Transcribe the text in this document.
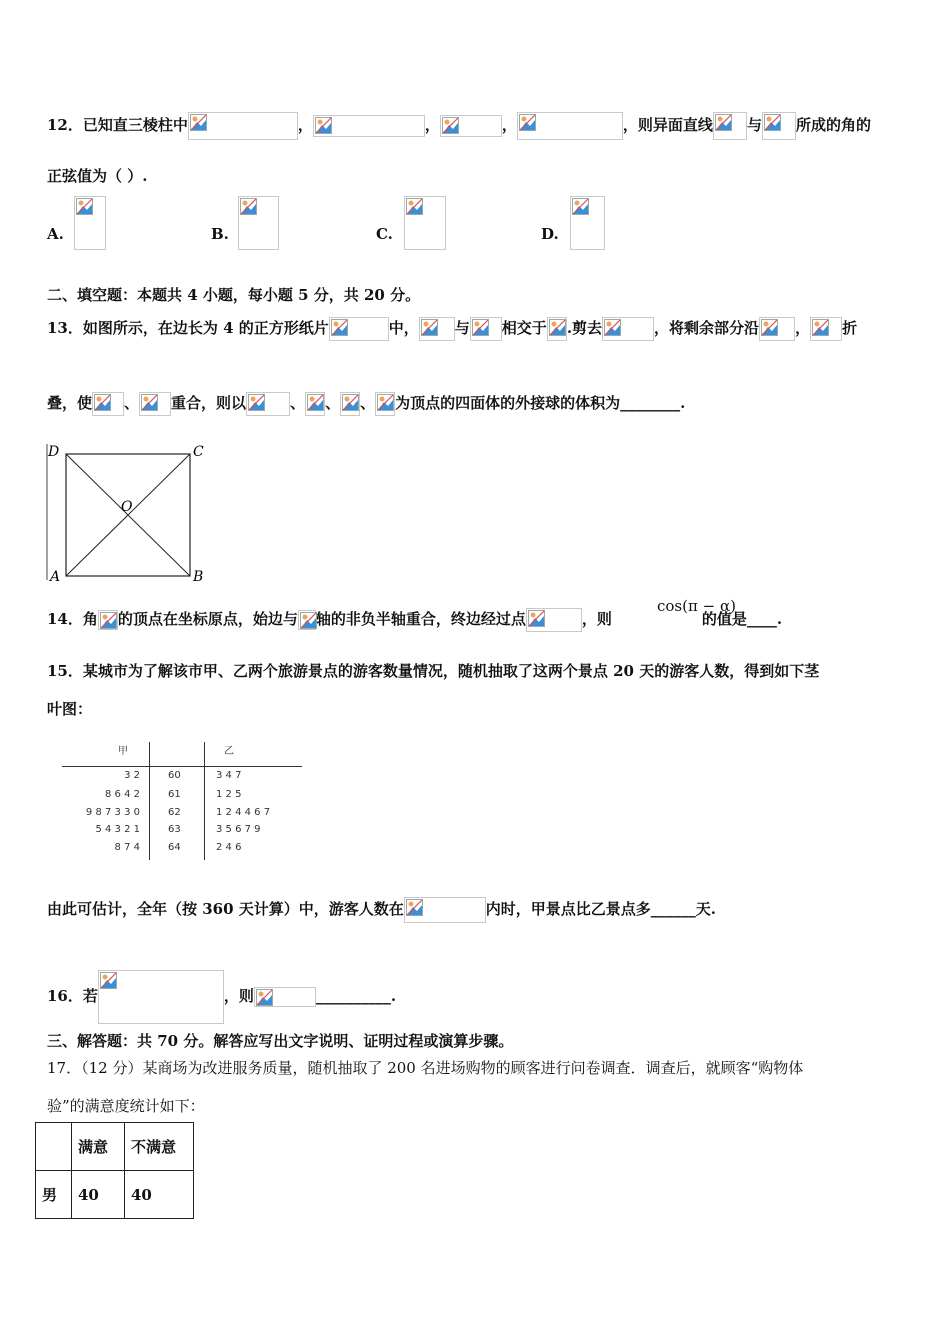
12．已知直三棱柱中	，	，	，	，则异面直线 与 所成的角的
正弦值为（ ）.
A.	B.	C.	D.
二、填空题：本题共 4 小题，每小题 5 分，共 20 分。
13．如图所示，在边长为 4 的正方形纸片	中， 与 相交于 .剪去	，将剩余部分沿 ， 折
叠，使 、 重合，则以	、 、 、 为顶点的四面体的外接球的体积为________.
D	C
O
A	B
14．角 的顶点在坐标原点，始边与 轴的非负半轴重合，终边经过点	，则	的值是____.
cos(π − α)
15．某城市为了解该市甲、乙两个旅游景点的游客数量情况，随机抽取了这两个景点 20 天的游客人数，得到如下茎
叶图：
甲	乙
3 2	60	3 4 7
8 6 4 2	61	1 2 5
9 8 7 3 3 0	62	1 2 4 4 6 7
5 4 3 2 1	63	3 5 6 7 9
8 7 4	64	2 4 6
由此可估计，全年（按 360 天计算）中，游客人数在	内时，甲景点比乙景点多______天.
16．若	，则	__________.
三、解答题：共 70 分。解答应写出文字说明、证明过程或演算步骤。
17．（12 分）某商场为改进服务质量，随机抽取了 200 名进场购物的顾客进行问卷调查．调查后，就顾客“购物体
验”的满意度统计如下：
	满意	不满意
男	40	40
